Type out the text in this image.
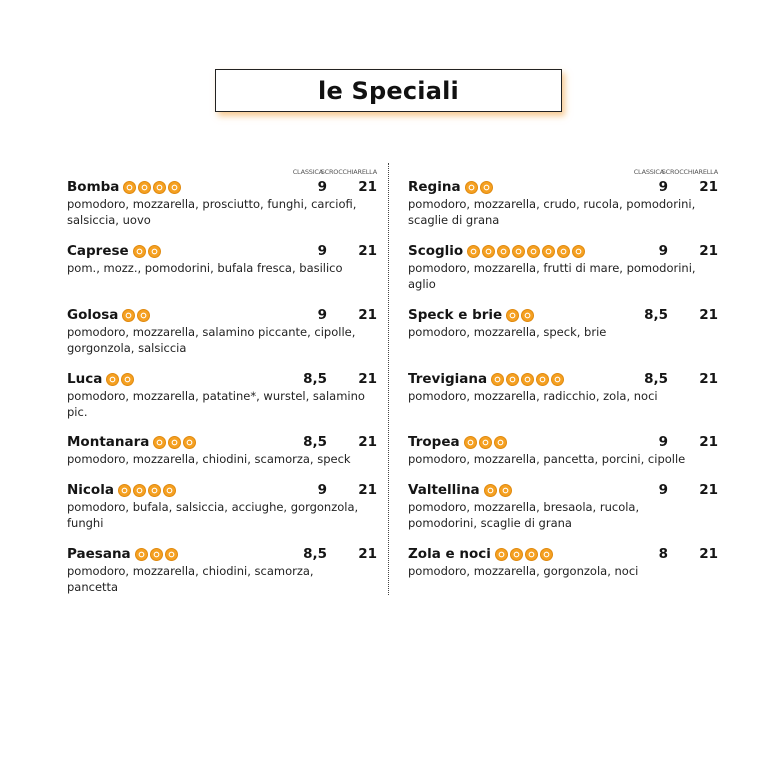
le Speciali
CLASSICA
SCROCCHIARELLA
Bomba	9	21
pomodoro, mozzarella, prosciutto, funghi, carciofi, salsiccia, uovo
Caprese	9	21
pom., mozz., pomodorini, bufala fresca, basilico
Golosa	9	21
pomodoro, mozzarella, salamino piccante, cipolle, gorgonzola, salsiccia
Luca	8,5	21
pomodoro, mozzarella, patatine*, wurstel, salamino pic.
Montanara	8,5	21
pomodoro, mozzarella, chiodini, scamorza, speck
Nicola	9	21
pomodoro, bufala, salsiccia, acciughe, gorgonzola, funghi
Paesana	8,5	21
pomodoro, mozzarella, chiodini, scamorza, pancetta
CLASSICA
SCROCCHIARELLA
Regina	9	21
pomodoro, mozzarella, crudo, rucola, pomodorini, scaglie di grana
Scoglio	9	21
pomodoro, mozzarella, frutti di mare, pomodorini, aglio
Speck e brie	8,5	21
pomodoro, mozzarella, speck, brie
Trevigiana	8,5	21
pomodoro, mozzarella, radicchio, zola, noci
Tropea	9	21
pomodoro, mozzarella, pancetta, porcini, cipolle
Valtellina	9	21
pomodoro, mozzarella, bresaola, rucola, pomodorini, scaglie di grana
Zola e noci	8	21
pomodoro, mozzarella, gorgonzola, noci
